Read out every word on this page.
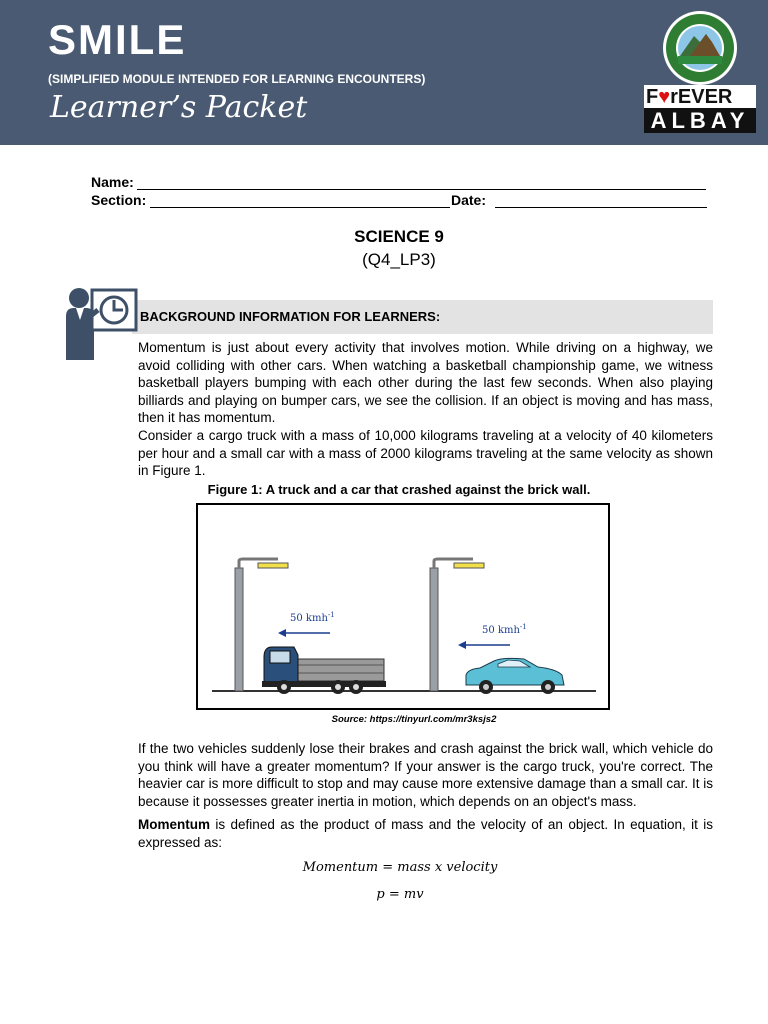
SMILE
(SIMPLIFIED MODULE INTENDED FOR LEARNING ENCOUNTERS)
Learner’s Packet	F♥rEVER
ALBAY
Name:
Section:	Date:
SCIENCE 9
(Q4_LP3)
BACKGROUND INFORMATION FOR LEARNERS:
Momentum is just about every activity that involves motion. While driving on a highway, we avoid colliding with other cars. When watching a basketball championship game, we witness basketball players bumping with each other during the last few seconds. When also playing billiards and playing on bumper cars, we see the collision. If an object is moving and has mass, then it has momentum.
Consider a cargo truck with a mass of 10,000 kilograms traveling at a velocity of 40 kilometers per hour and a small car with a mass of 2000 kilograms traveling at the same velocity as shown in Figure 1.
Figure 1: A truck and a car that crashed against the brick wall.
50 kmh$^{-1}$
50 kmh$^{-1}$
Source: https://tinyurl.com/mr3ksjs2
If the two vehicles suddenly lose their brakes and crash against the brick wall, which vehicle do you think will have a greater momentum? If your answer is the cargo truck, you're correct. The heavier car is more difficult to stop and may cause more extensive damage than a small car. It is because it possesses greater inertia in motion, which depends on an object's mass.
Momentum is defined as the product of mass and the velocity of an object. In equation, it is expressed as:
Momentum = mass x velocity
p = mv
